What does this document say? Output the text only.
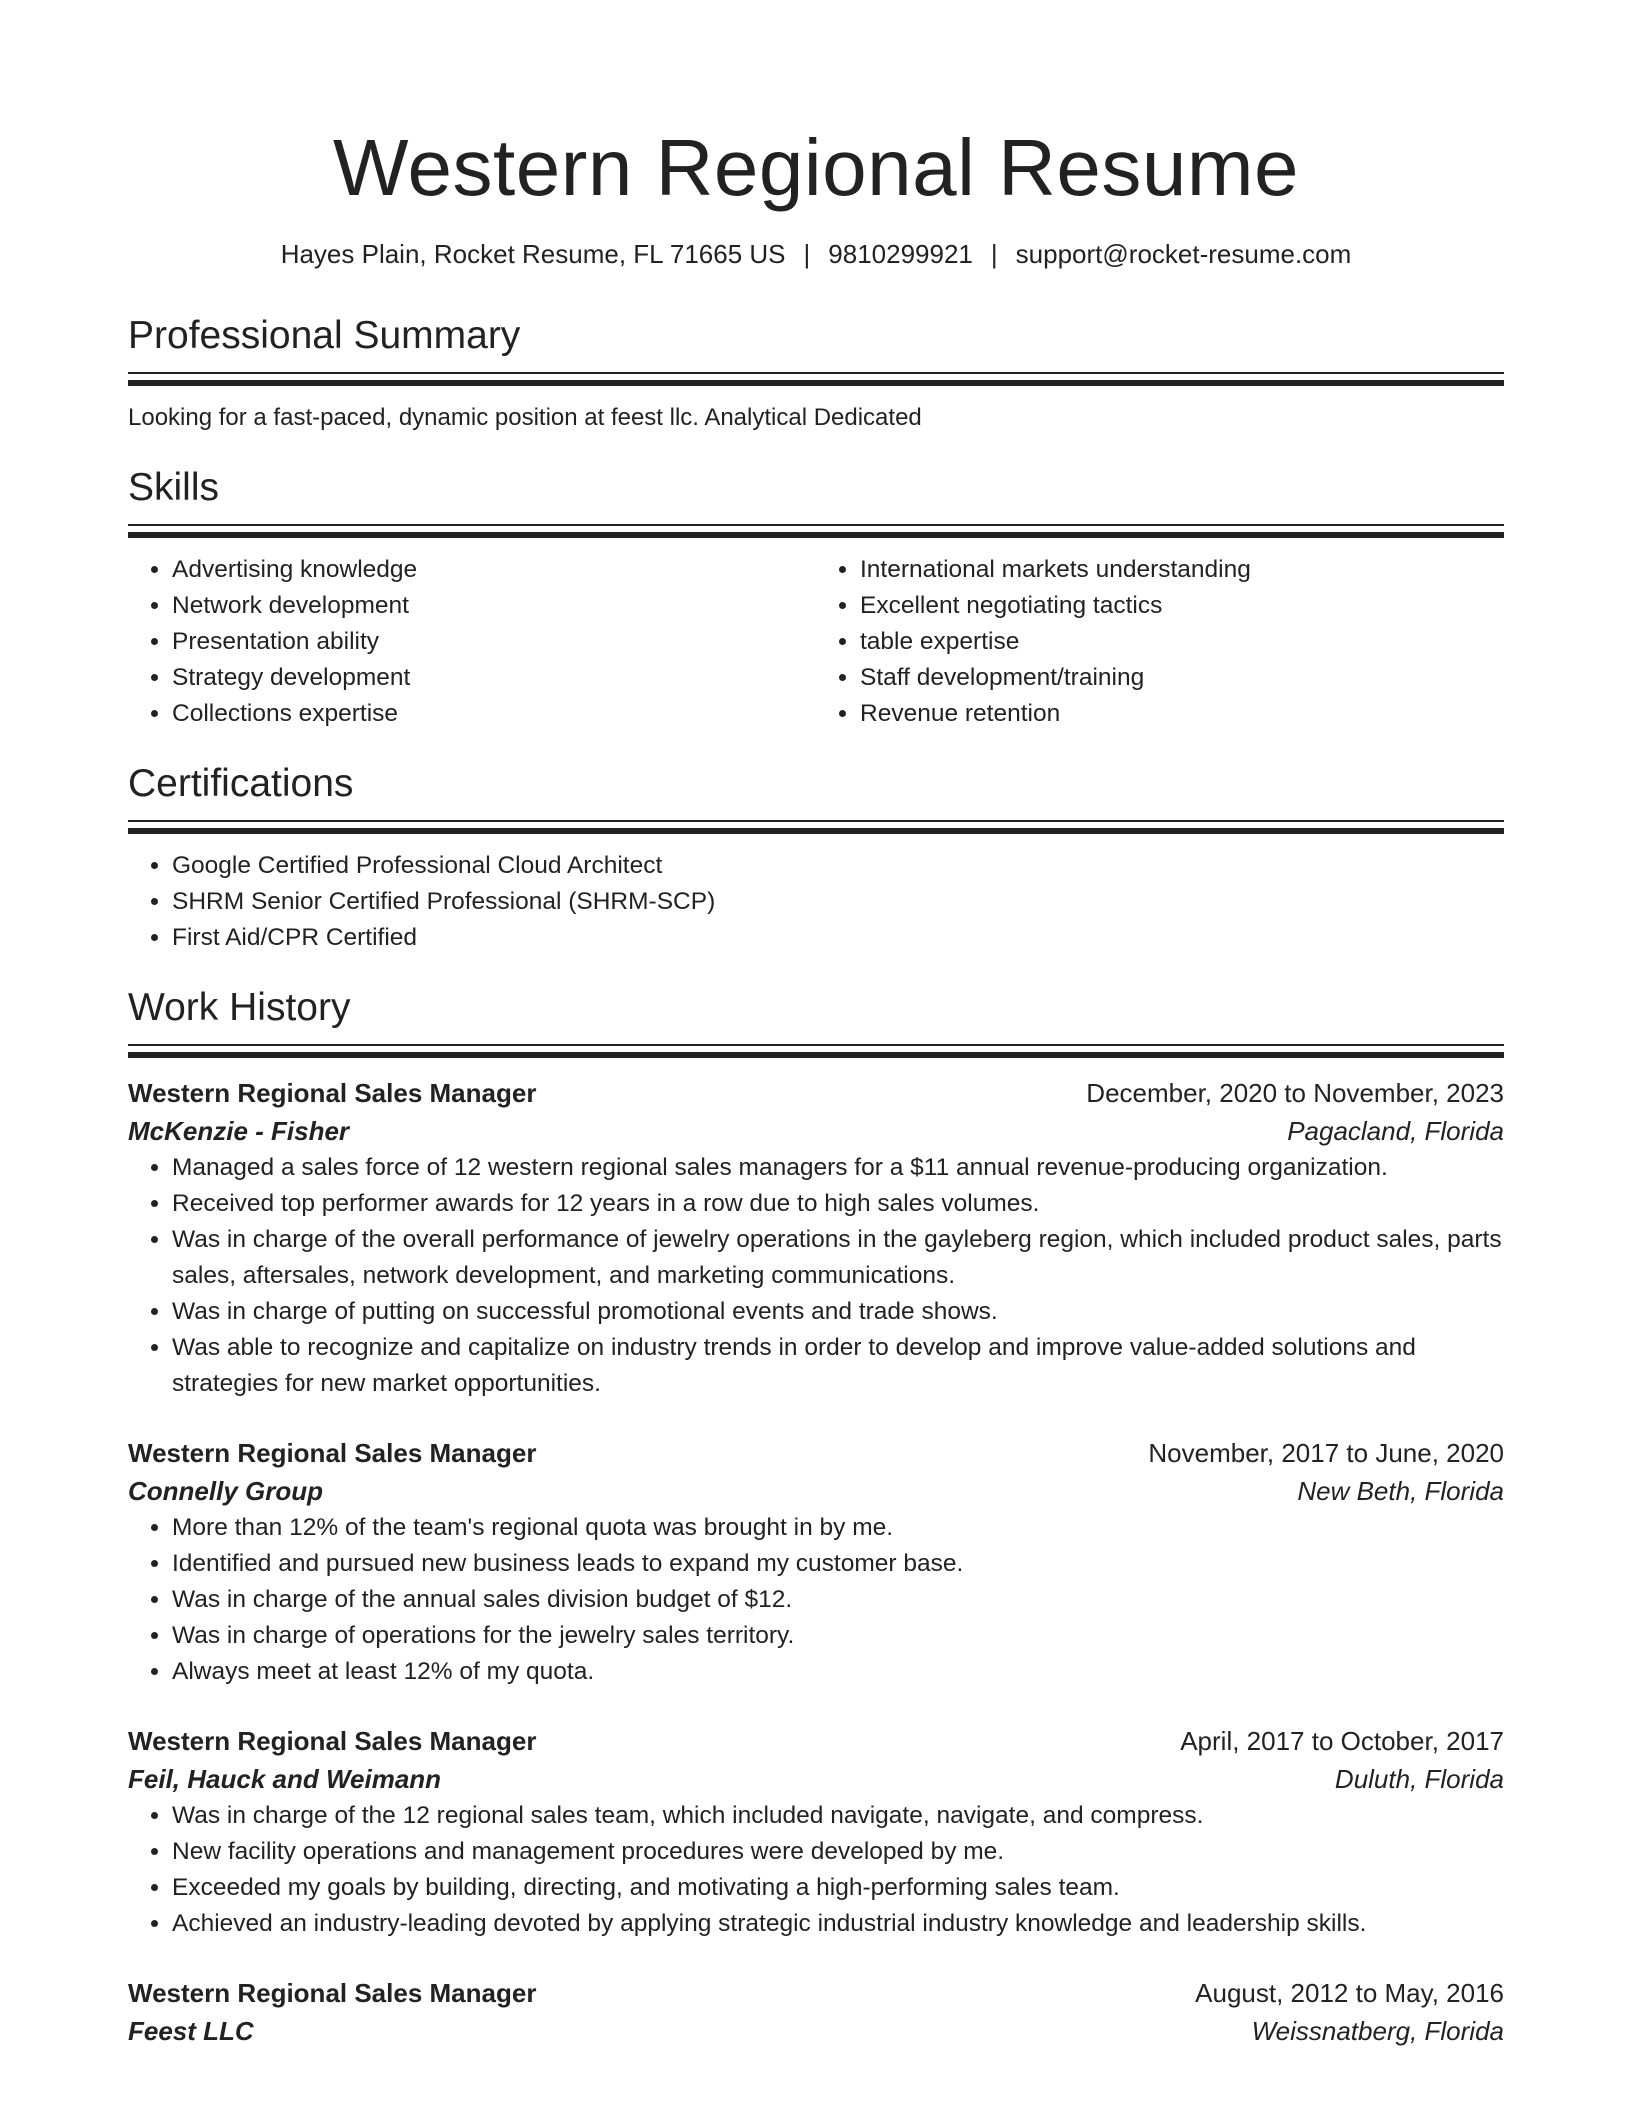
Western Regional Resume
Hayes Plain, Rocket Resume, FL 71665 US | 9810299921 | support@rocket-resume.com
Professional Summary
Looking for a fast-paced, dynamic position at feest llc. Analytical Dedicated
Skills
• Advertising knowledge
• Network development
• Presentation ability
• Strategy development
• Collections expertise
• International markets understanding
• Excellent negotiating tactics
• table expertise
• Staff development/training
• Revenue retention
Certifications
• Google Certified Professional Cloud Architect
• SHRM Senior Certified Professional (SHRM-SCP)
• First Aid/CPR Certified
Work History
Western Regional Sales Manager	December, 2020 to November, 2023
McKenzie - Fisher	Pagacland, Florida
• Managed a sales force of 12 western regional sales managers for a $11 annual revenue-producing organization.
• Received top performer awards for 12 years in a row due to high sales volumes.
• Was in charge of the overall performance of jewelry operations in the gayleberg region, which included product sales, parts sales, aftersales, network development, and marketing communications.
• Was in charge of putting on successful promotional events and trade shows.
• Was able to recognize and capitalize on industry trends in order to develop and improve value-added solutions and strategies for new market opportunities.
Western Regional Sales Manager	November, 2017 to June, 2020
Connelly Group	New Beth, Florida
• More than 12% of the team's regional quota was brought in by me.
• Identified and pursued new business leads to expand my customer base.
• Was in charge of the annual sales division budget of $12.
• Was in charge of operations for the jewelry sales territory.
• Always meet at least 12% of my quota.
Western Regional Sales Manager	April, 2017 to October, 2017
Feil, Hauck and Weimann	Duluth, Florida
• Was in charge of the 12 regional sales team, which included navigate, navigate, and compress.
• New facility operations and management procedures were developed by me.
• Exceeded my goals by building, directing, and motivating a high-performing sales team.
• Achieved an industry-leading devoted by applying strategic industrial industry knowledge and leadership skills.
Western Regional Sales Manager	August, 2012 to May, 2016
Feest LLC	Weissnatberg, Florida
